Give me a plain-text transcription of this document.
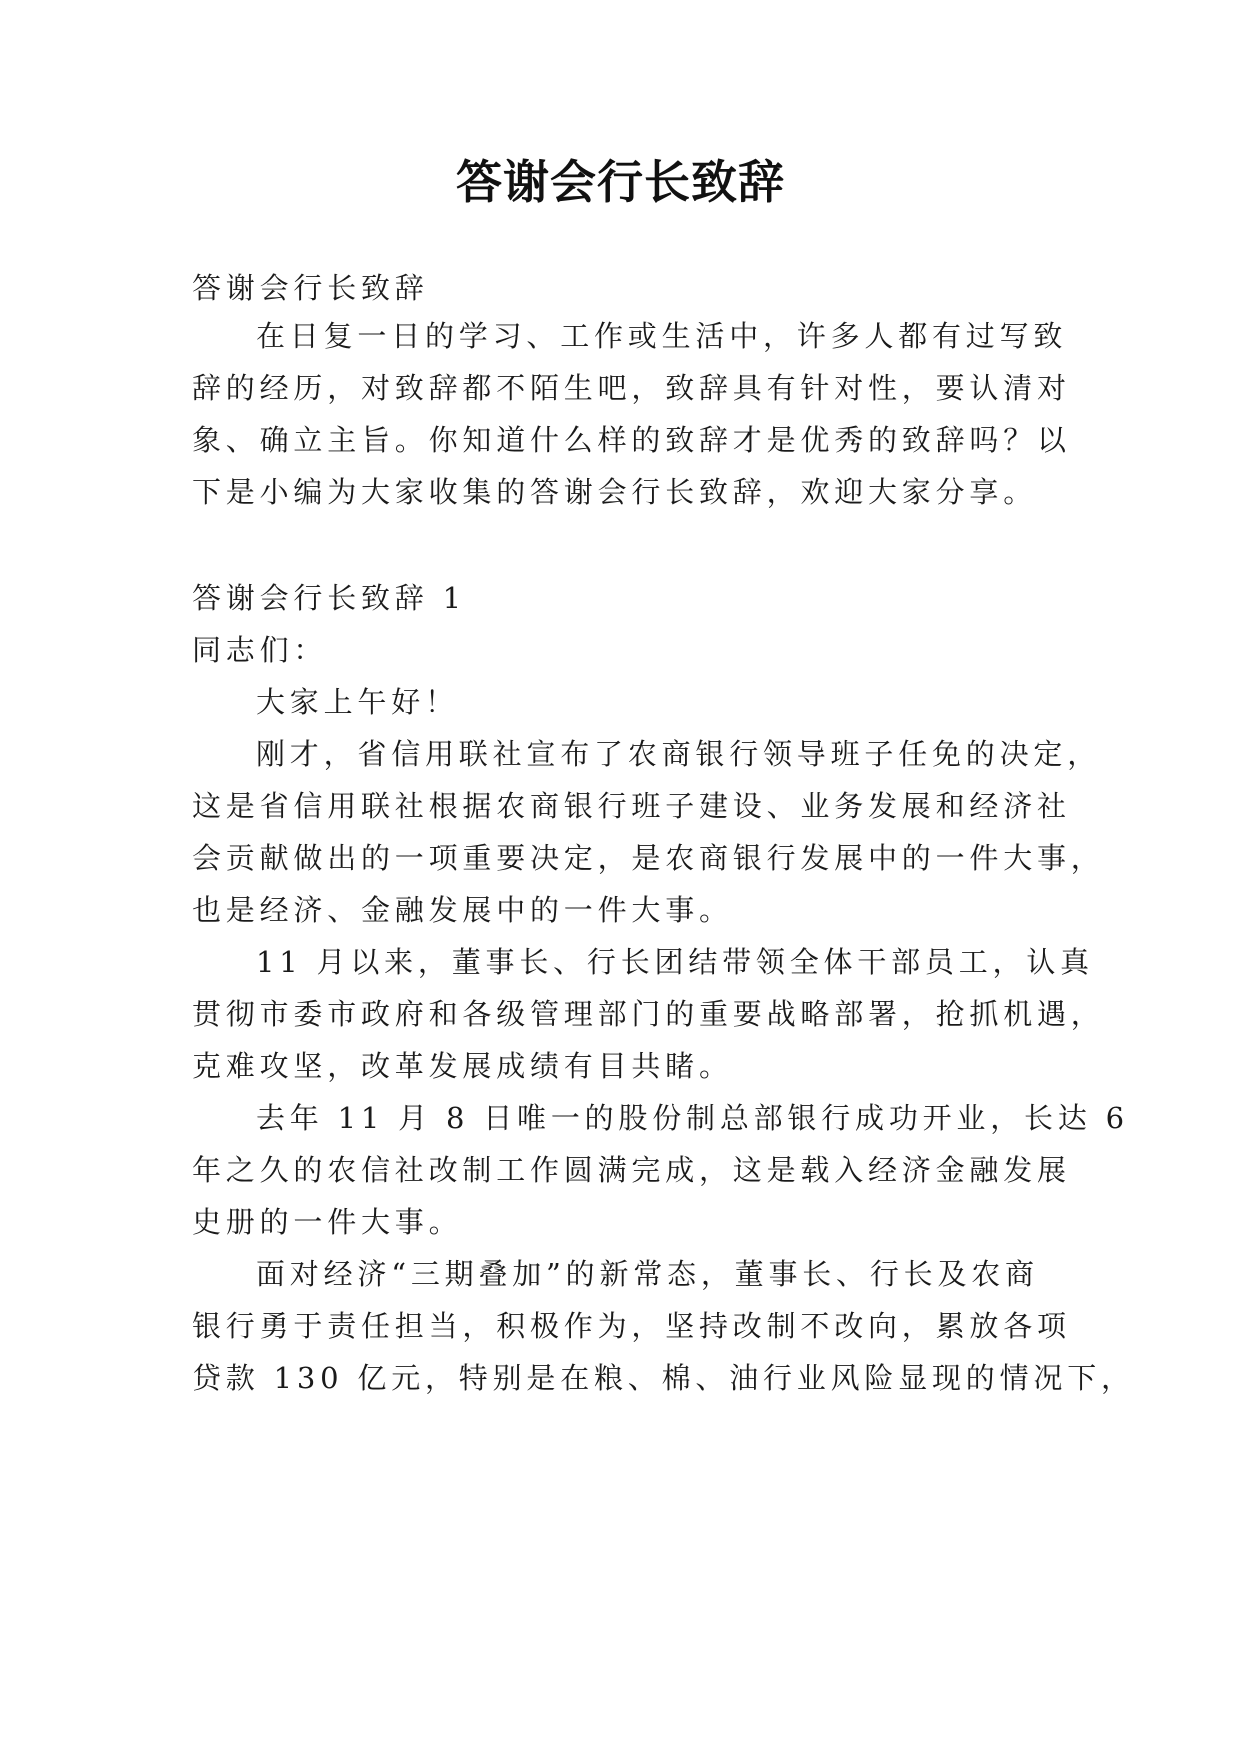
答谢会行长致辞
答谢会行长致辞
在日复一日的学习、工作或生活中，许多人都有过写致
辞的经历，对致辞都不陌生吧，致辞具有针对性，要认清对
象、确立主旨。你知道什么样的致辞才是优秀的致辞吗？以
下是小编为大家收集的答谢会行长致辞，欢迎大家分享。
答谢会行长致辞 1
同志们：
大家上午好！
刚才，省信用联社宣布了农商银行领导班子任免的决定，
这是省信用联社根据农商银行班子建设、业务发展和经济社
会贡献做出的一项重要决定，是农商银行发展中的一件大事，
也是经济、金融发展中的一件大事。
11 月以来，董事长、行长团结带领全体干部员工，认真
贯彻市委市政府和各级管理部门的重要战略部署，抢抓机遇，
克难攻坚，改革发展成绩有目共睹。
去年 11 月 8 日唯一的股份制总部银行成功开业，长达 6
年之久的农信社改制工作圆满完成，这是载入经济金融发展
史册的一件大事。
面对经济“三期叠加”的新常态，董事长、行长及农商
银行勇于责任担当，积极作为，坚持改制不改向，累放各项
贷款 130 亿元，特别是在粮、棉、油行业风险显现的情况下，
